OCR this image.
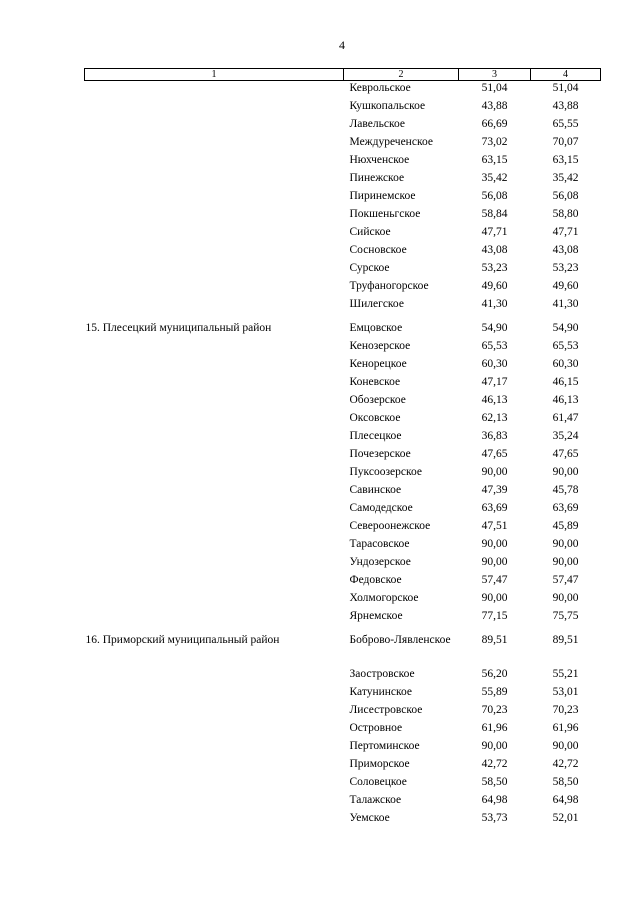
4
1	2	3	4
	Кеврольское	51,04	51,04
	Кушкопальское	43,88	43,88
	Лавельское	66,69	65,55
	Междуреченское	73,02	70,07
	Нюхченское	63,15	63,15
	Пинежское	35,42	35,42
	Пиринемское	56,08	56,08
	Покшеньгское	58,84	58,80
	Сийское	47,71	47,71
	Сосновское	43,08	43,08
	Сурское	53,23	53,23
	Труфаногорское	49,60	49,60
	Шилегское	41,30	41,30
15. Плесецкий муниципальный район	Емцовское	54,90	54,90
	Кенозерское	65,53	65,53
	Кенорецкое	60,30	60,30
	Коневское	47,17	46,15
	Обозерское	46,13	46,13
	Оксовское	62,13	61,47
	Плесецкое	36,83	35,24
	Почезерское	47,65	47,65
	Пуксоозерское	90,00	90,00
	Савинское	47,39	45,78
	Самодедское	63,69	63,69
	Североонежское	47,51	45,89
	Тарасовское	90,00	90,00
	Ундозерское	90,00	90,00
	Федовское	57,47	57,47
	Холмогорское	90,00	90,00
	Ярнемское	77,15	75,75
16. Приморский муниципальный район	Боброво-Лявленское	89,51	89,51
	Заостровское	56,20	55,21
	Катунинское	55,89	53,01
	Лисестровское	70,23	70,23
	Островное	61,96	61,96
	Пертоминское	90,00	90,00
	Приморское	42,72	42,72
	Соловецкое	58,50	58,50
	Талажское	64,98	64,98
	Уемское	53,73	52,01
